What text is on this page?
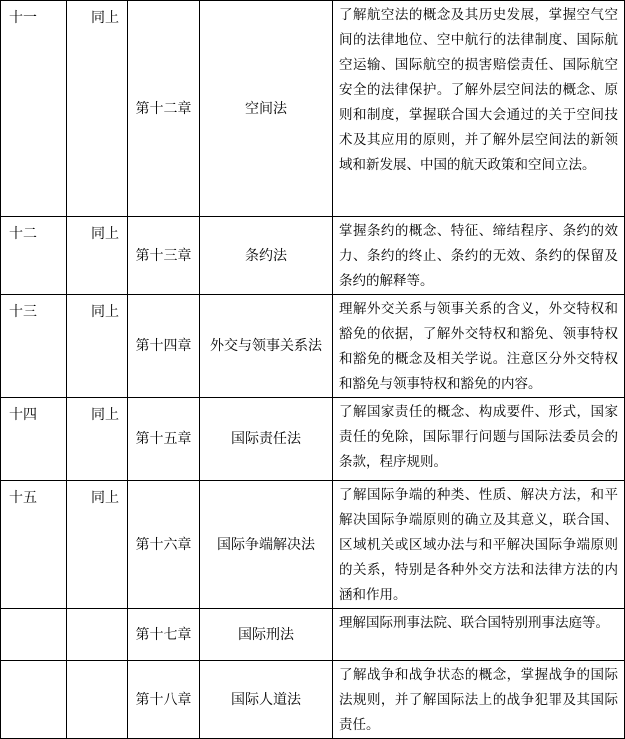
十一	同上	第十二章	空间法	了解航空法的概念及其历史发展，掌握空气空间的法律地位、空中航行的法律制度、国际航空运输、国际航空的损害赔偿责任、国际航空安全的法律保护。了解外层空间法的概念、原则和制度，掌握联合国大会通过的关于空间技术及其应用的原则，并了解外层空间法的新领域和新发展、中国的航天政策和空间立法。
十二	同上	第十三章	条约法	掌握条约的概念、特征、缔结程序、条约的效力、条约的终止、条约的无效、条约的保留及条约的解释等。
十三	同上	第十四章	外交与领事关系法	理解外交关系与领事关系的含义，外交特权和豁免的依据，了解外交特权和豁免、领事特权和豁免的概念及相关学说。注意区分外交特权和豁免与领事特权和豁免的内容。
十四	同上	第十五章	国际责任法	了解国家责任的概念、构成要件、形式，国家责任的免除，国际罪行问题与国际法委员会的条款，程序规则。
十五	同上	第十六章	国际争端解决法	了解国际争端的种类、性质、解决方法，和平解决国际争端原则的确立及其意义，联合国、区域机关或区域办法与和平解决国际争端原则的关系，特别是各种外交方法和法律方法的内涵和作用。
		第十七章	国际刑法	理解国际刑事法院、联合国特别刑事法庭等。
		第十八章	国际人道法	了解战争和战争状态的概念，掌握战争的国际法规则，并了解国际法上的战争犯罪及其国际责任。
